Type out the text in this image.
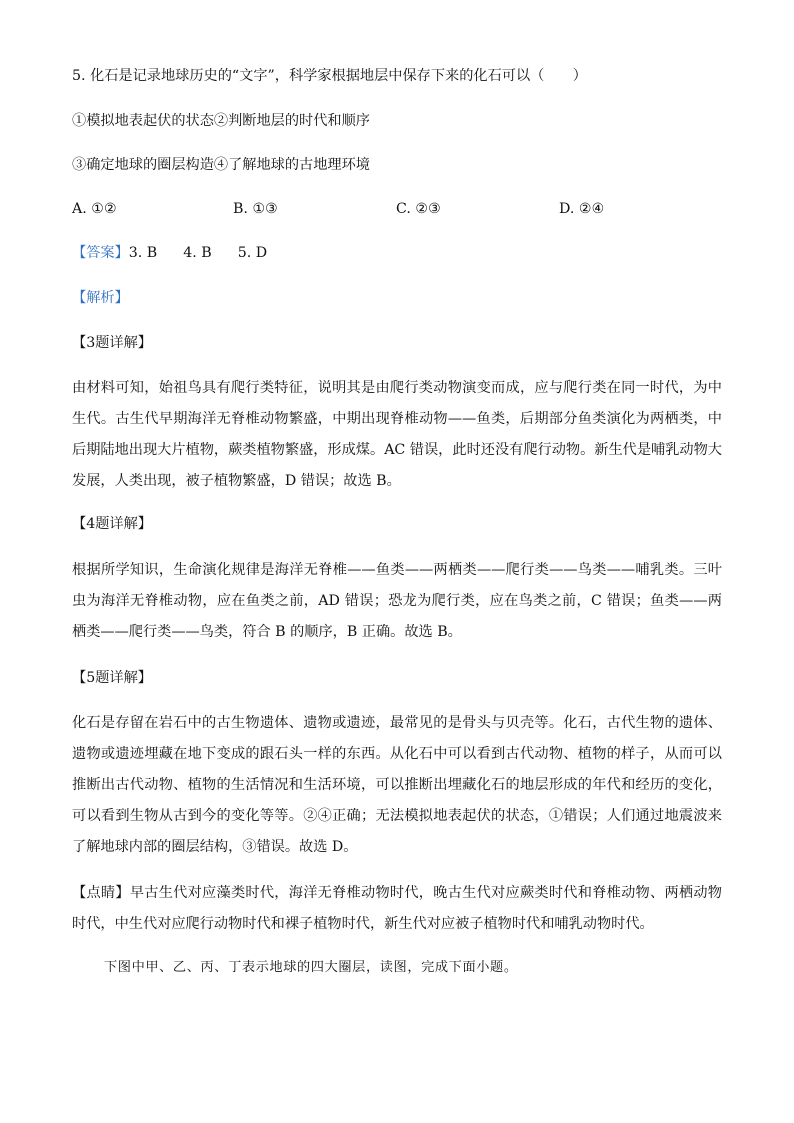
5. 化石是记录地球历史的“文字”，科学家根据地层中保存下来的化石可以（　　）
①模拟地表起伏的状态②判断地层的时代和顺序
③确定地球的圈层构造④了解地球的古地理环境
A. ①②	B. ①③	C. ②③	D. ②④
【答案】3. B 4. B 5. D
【解析】
【3题详解】
由材料可知，始祖鸟具有爬行类特征，说明其是由爬行类动物演变而成，应与爬行类在同一时代，为中生代。古生代早期海洋无脊椎动物繁盛，中期出现脊椎动物——鱼类，后期部分鱼类演化为两栖类，中后期陆地出现大片植物，蕨类植物繁盛，形成煤。AC 错误，此时还没有爬行动物。新生代是哺乳动物大发展，人类出现，被子植物繁盛，D 错误；故选 B。
【4题详解】
根据所学知识，生命演化规律是海洋无脊椎——鱼类——两栖类——爬行类——鸟类——哺乳类。三叶虫为海洋无脊椎动物，应在鱼类之前，AD 错误；恐龙为爬行类，应在鸟类之前，C 错误；鱼类——两栖类——爬行类——鸟类，符合 B 的顺序，B 正确。故选 B。
【5题详解】
化石是存留在岩石中的古生物遗体、遗物或遗迹，最常见的是骨头与贝壳等。化石，古代生物的遗体、遗物或遗迹埋藏在地下变成的跟石头一样的东西。从化石中可以看到古代动物、植物的样子，从而可以推断出古代动物、植物的生活情况和生活环境，可以推断出埋藏化石的地层形成的年代和经历的变化，可以看到生物从古到今的变化等等。②④正确；无法模拟地表起伏的状态，①错误；人们通过地震波来了解地球内部的圈层结构，③错误。故选 D。
【点睛】早古生代对应藻类时代，海洋无脊椎动物时代，晚古生代对应蕨类时代和脊椎动物、两栖动物时代，中生代对应爬行动物时代和裸子植物时代，新生代对应被子植物时代和哺乳动物时代。
下图中甲、乙、丙、丁表示地球的四大圈层，读图，完成下面小题。
